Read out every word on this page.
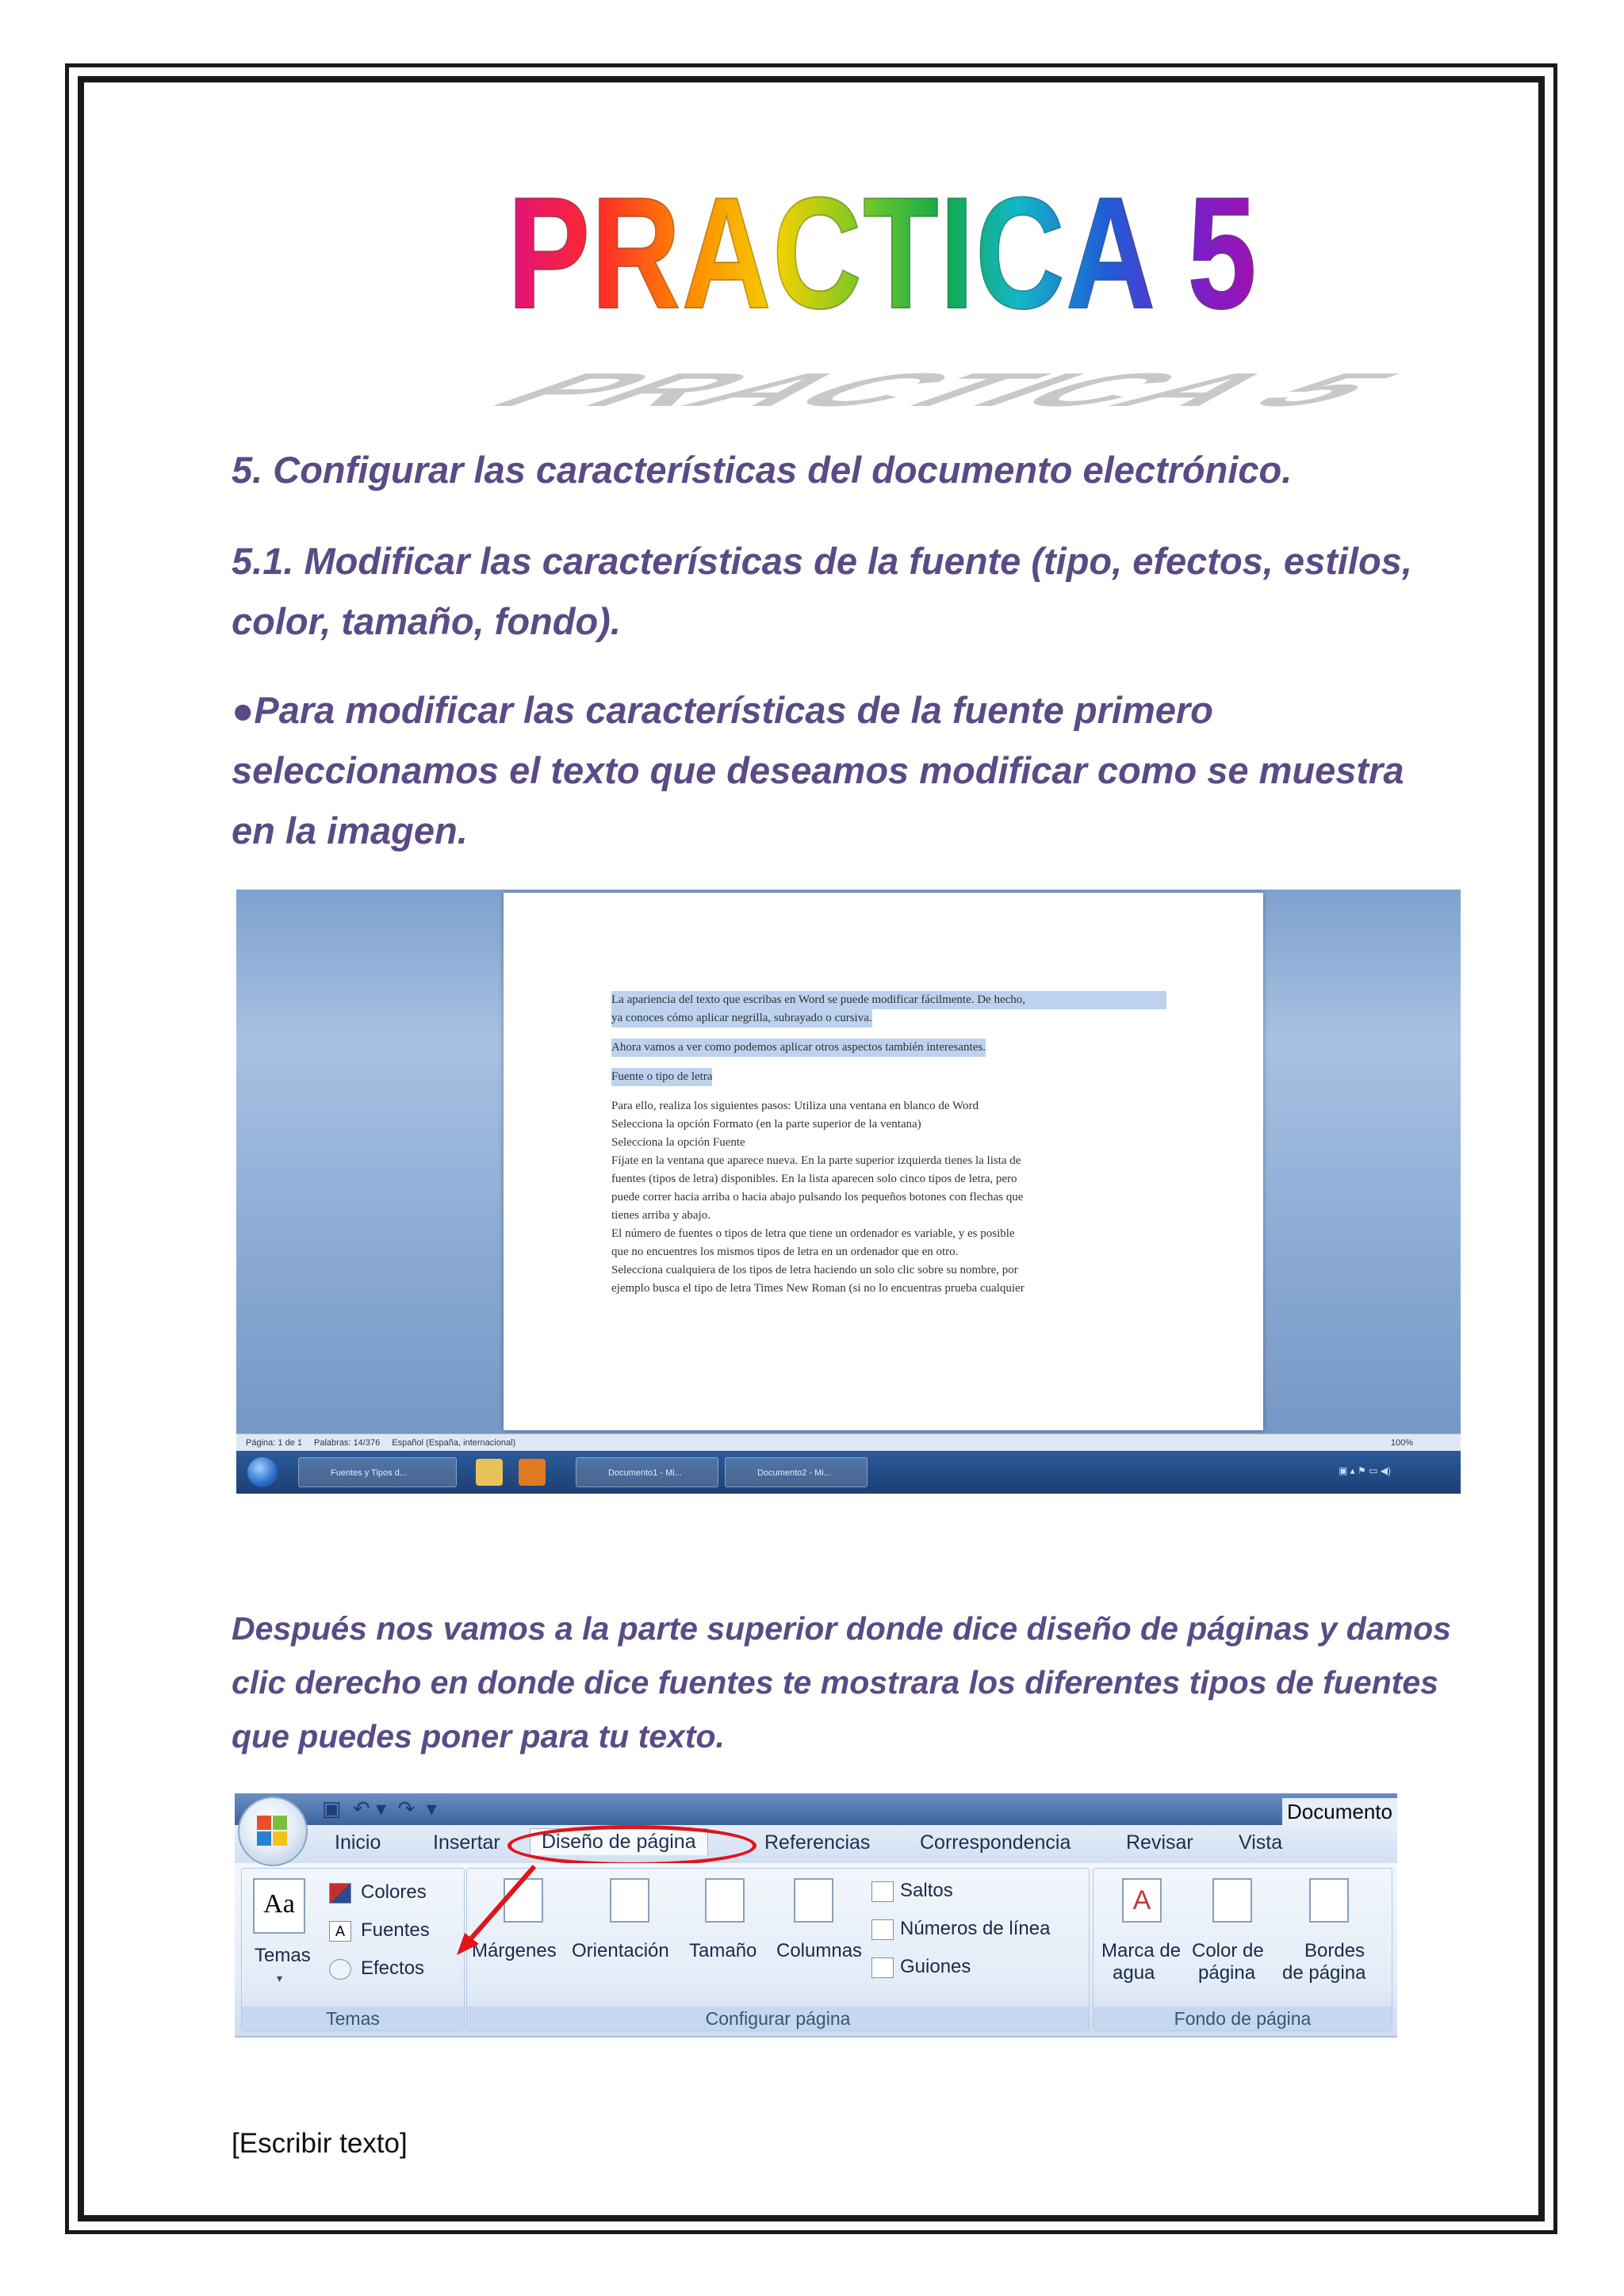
PRACTICA 5
PRACTICA 5
5. Configurar las características del documento electrónico.
5.1. Modificar las características de la fuente (tipo, efectos, estilos, color, tamaño, fondo).
●Para modificar las características de la fuente primero seleccionamos el texto que deseamos modificar como se muestra en la imagen.
La apariencia del texto que escribas en Word se puede modificar fácilmente. De hecho,
ya conoces cómo aplicar negrilla, subrayado o cursiva.
Ahora vamos a ver como podemos aplicar otros aspectos también interesantes.
Fuente o tipo de letra
Para ello, realiza los siguientes pasos: Utiliza una ventana en blanco de Word
Selecciona la opción Formato (en la parte superior de la ventana)
Selecciona la opción Fuente
Fíjate en la ventana que aparece nueva. En la parte superior izquierda tienes la lista de
fuentes (tipos de letra) disponibles. En la lista aparecen solo cinco tipos de letra, pero
puede correr hacia arriba o hacia abajo pulsando los pequeños botones con flechas que
tienes arriba y abajo.
El número de fuentes o tipos de letra que tiene un ordenador es variable, y es posible
que no encuentres los mismos tipos de letra en un ordenador que en otro.
Selecciona cualquiera de los tipos de letra haciendo un solo clic sobre su nombre, por
ejemplo busca el tipo de letra Times New Roman (si no lo encuentras prueba cualquier
Página: 1 de 1 Palabras: 14/376 Español (España, internacional)	100%
Fuentes y Tipos d...	Documento1 - Mi...	Documento2 - Mi...	▣ ▴ ⚑ ▭ ◀)
Después nos vamos a la parte superior donde dice diseño de páginas y damos clic derecho en donde dice fuentes te mostrara los diferentes tipos de fuentes que puedes poner para tu texto.
▣  ↶ ▾  ↷  ▾	Documento
Inicio	Insertar	Diseño de página	Referencias	Correspondencia	Revisar Vista
Aa
Temas
▾
Colores
A Fuentes
Efectos
Temas
Márgenes Orientación Tamaño Columnas
Saltos
Números de línea
Guiones
Configurar página
A
Marca de
agua
Color de
página
Bordes
de página
Fondo de página
[Escribir texto]
